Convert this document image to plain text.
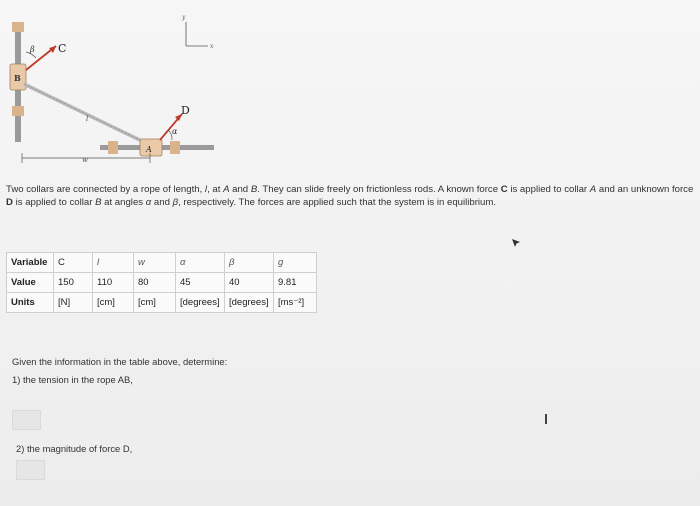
B
β C
l
A
α
D
w
y
x
Two collars are connected by a rope of length, l, at A and B. They can slide freely on frictionless rods. A known force C is applied to collar A and an unknown force D is applied to collar B at angles α and β, respectively. The forces are applied such that the system is in equilibrium.
Variable	C	l	w	α	β	g
Value	150	110	80	45	40	9.81
Units	[N]	[cm]	[cm]	[degrees]	[degrees]	[ms⁻²]
Given the information in the table above, determine:
1) the tension in the rope AB,
2) the magnitude of force D,
